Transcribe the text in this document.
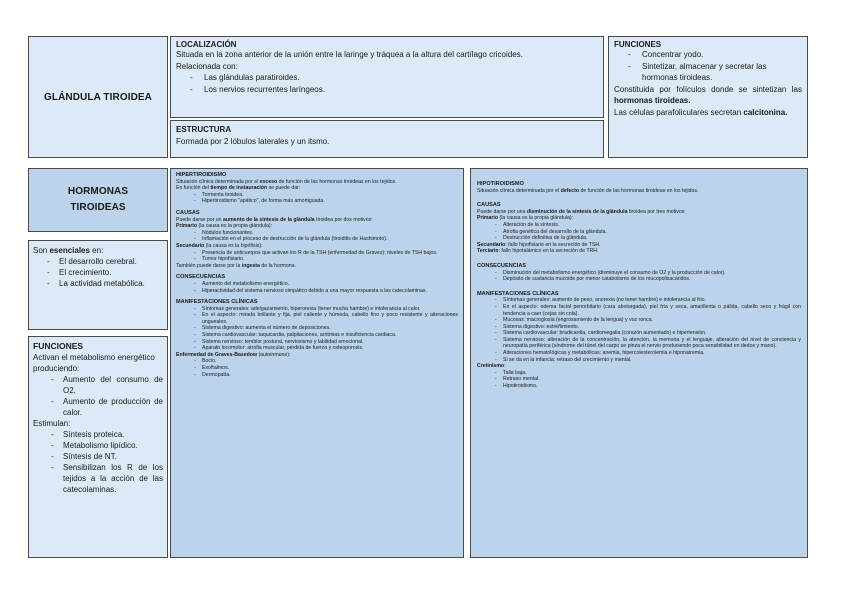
GLÁNDULA TIROIDEA

LOCALIZACIÓN

Situada en la zona anterior de la unión entre la laringe y tráquea a la altura del cartílago cricoides.

Relacionada con:

- Las glándulas paratiroides.
- Los nervios recurrentes laríngeos.

ESTRUCTURA

Formada por 2 lóbulos laterales y un itsmo.

FUNCIONES

- Concentrar yodo.
- Sintetizar, almacenar y secretar las hormonas tiroideas.

Constituida por folículos donde se sintetizan las hormonas tiroideas.

Las células parafoliculares secretan calcitonina.

HORMONAS TIROIDEAS

Son esenciales en:

- El desarrollo cerebral.
- El crecimiento.
- La actividad metabólica.

FUNCIONES

Activan el metabolismo energético produciendo:

- Aumento del consumo de O2.
- Aumento de producción de calor.

Estimulan:

- Síntesis proteica.
- Metabolismo lipídico.
- Síntesis de NT.
- Sensibilizan los R de los tejidos a la acción de las catecolaminas.

HIPERTIROIDISMO

Situación clínica determinada por el exceso de función de las hormonas tiroideas en los tejidos.

En función del tiempo de instauración se puede dar:

- Tormenta tiroidea.
- Hipertiroidismo "apático", de forma más amortiguada.

CAUSAS

Puede darse por un aumento de la síntesis de la glándula tiroidea por dos motivos:

Primario (la causa es la propia glándula):

- Nódulos funcionantes.
- Inflamación en el proceso de destrucción de la glándula (tiroiditis de Hashimoto).

Secundario (la causa es la hipófisis):

- Presencia de anticuerpos que activan los R de la TSH (enfermedad de Graves): niveles de TSH bajos.
- Tumor hipofisiario.

También puede darse por la ingesta de la hormona.

CONSECUENCIAS

- Aumento del metabolismo energético.
- Hiperactividad del sistema nervioso simpático debido a una mayor respuesta a las catecolaminas.

MANIFESTACIONES CLÍNICAS

- Síntomas generales: adelgazamiento, hiperorexia (tener mucha hambre) e intolerancia al calor.
- En el aspecto: mirada brillante y fija, piel caliente y húmeda, cabello fino y poco resistente y alteraciones ungueales.
- Sistema digestivo: aumenta el número de deposiciones.
- Sistema cardiovascular: taquicardia, palpitaciones, arritmias e insuficiencia cardiaca.
- Sistema nervioso: temblor postural, nerviosismo y labilidad emocional.
- Aparato locomotor: atrofia muscular, pérdida de fuerza y osteoporosis.

Enfermedad de Graves-Basedow (autoinmune):

- Bocio.
- Exoftalmos.
- Dermopatía.

HIPOTIROIDISMO

Situación clínica determinada por el defecto de función de las hormonas tiroideas en los tejidos.

CAUSAS

Puede darse por una disminución de la síntesis de la glándula tiroidea por tres motivos:

Primario (la causa es la propia glándula):

- Alteración de la síntesis.
- Atrofia genética del desarrollo de la glándula.
- Destrucción definitiva de la glándula.

Secundario: fallo hipofisiario en la secreción de TSH.

Terciario: fallo hipotalámico en la secreción de TRH.

CONSECUENCIAS

- Disminución del metabolismo energético (disminuye el consumo de O2 y la producción de calor).
- Depósito de sustancia mucoide por menor catabolismo de los mucopolisacáridos.

MANIFESTACIONES CLÍNICAS

- Síntomas generales: aumento de peso, anorexia (no tener hambre) e intolerancia al frío.
- En el aspecto: edema facial periorbitario (cara abotargada), piel fría y seca, amarillenta o pálida, cabello seco y frágil con tendencia a caer (cejas sin cola).
- Mucosas: macroglosia (engrosamiento de la lengua) y voz ronca.
- Sistema digestivo: estreñimiento.
- Sistema cardiovascular: bradicardia, cardiomegalia (corazón aumentado) e hipertensión.
- Sistema nervioso: alteración de la concentración, la atención, la memoria y el lenguaje, alteración del nivel de conciencia y neuropatía periférica (síndrome del túnel del carpo se pinza el nervio produciendo poca sensibilidad en dedos y mano).
- Alteraciones hematológicas y metabólicas: anemia, hipercolesterolemia e hiponatremia.
- Si se da en la infancia: retraso del crecimiento y mental.

Cretinismo:

- Talla baja.
- Retraso mental.
- Hipotiroidismo.
